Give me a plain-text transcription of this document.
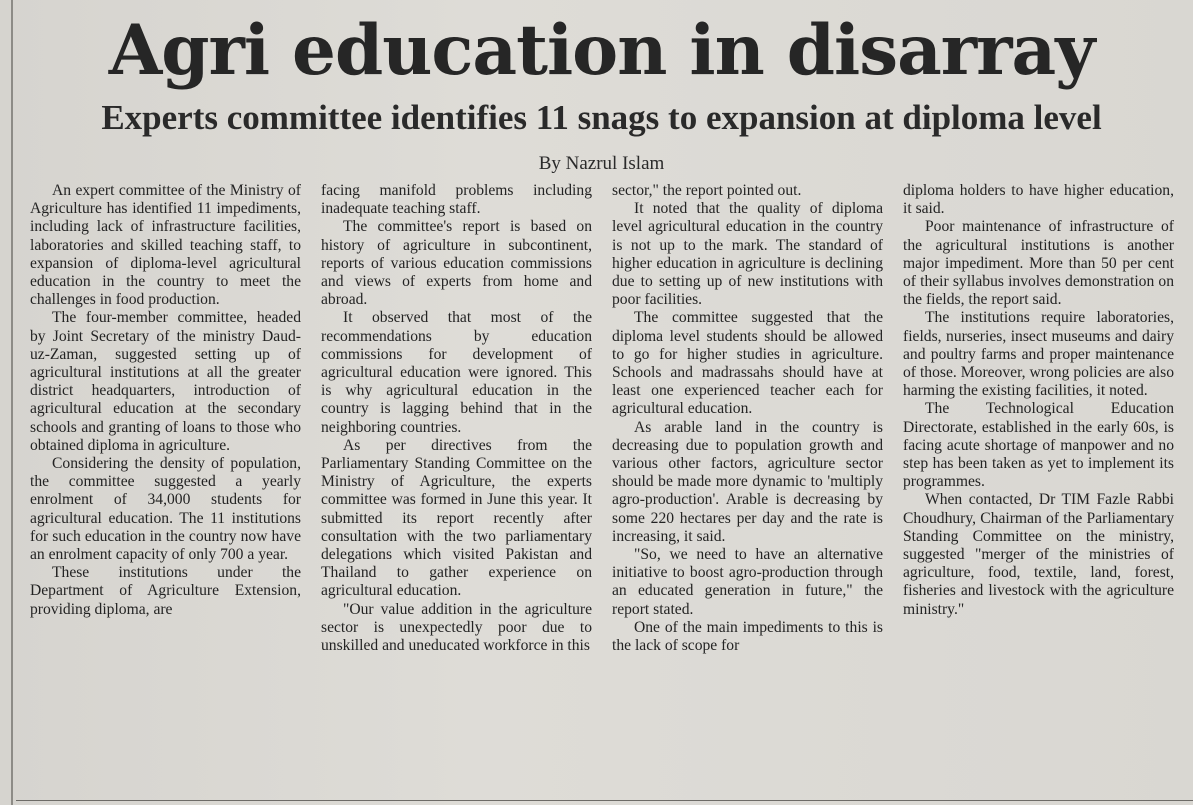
Agri education in disarray
Experts committee identifies 11 snags to expansion at diploma level
By Nazrul Islam

An expert committee of the Ministry of Agriculture has identified 11 impediments, including lack of infrastructure facilities, laboratories and skilled teaching staff, to expansion of diploma-level agricultural education in the country to meet the challenges in food production.

The four-member committee, headed by Joint Secretary of the ministry Daud-uz-Zaman, suggested setting up of agricultural institutions at all the greater district headquarters, introduction of agricultural education at the secondary schools and granting of loans to those who obtained diploma in agriculture.

Considering the density of population, the committee suggested a yearly enrolment of 34,000 students for agricultural education. The 11 institutions for such education in the country now have an enrolment capacity of only 700 a year.

These institutions under the Department of Agriculture Extension, providing diploma, are

facing manifold problems including inadequate teaching staff.

The committee's report is based on history of agriculture in subcontinent, reports of various education commissions and views of experts from home and abroad.

It observed that most of the recommendations by education commissions for development of agricultural education were ignored. This is why agricultural education in the country is lagging behind that in the neighboring countries.

As per directives from the Parliamentary Standing Committee on the Ministry of Agriculture, the experts committee was formed in June this year. It submitted its report recently after consultation with the two parliamentary delegations which visited Pakistan and Thailand to gather experience on agricultural education.

"Our value addition in the agriculture sector is unexpectedly poor due to unskilled and uneducated workforce in this

sector," the report pointed out.

It noted that the quality of diploma level agricultural education in the country is not up to the mark. The standard of higher education in agriculture is declining due to setting up of new institutions with poor facilities.

The committee suggested that the diploma level students should be allowed to go for higher studies in agriculture. Schools and madrassahs should have at least one experienced teacher each for agricultural education.

As arable land in the country is decreasing due to population growth and various other factors, agriculture sector should be made more dynamic to 'multiply agro-production'. Arable is decreasing by some 220 hectares per day and the rate is increasing, it said.

"So, we need to have an alternative initiative to boost agro-production through an educated generation in future," the report stated.

One of the main impediments to this is the lack of scope for

diploma holders to have higher education, it said.

Poor maintenance of infrastructure of the agricultural institutions is another major impediment. More than 50 per cent of their syllabus involves demonstration on the fields, the report said.

The institutions require laboratories, fields, nurseries, insect museums and dairy and poultry farms and proper maintenance of those. Moreover, wrong policies are also harming the existing facilities, it noted.

The Technological Education Directorate, established in the early 60s, is facing acute shortage of manpower and no step has been taken as yet to implement its programmes.

When contacted, Dr TIM Fazle Rabbi Choudhury, Chairman of the Parliamentary Standing Committee on the ministry, suggested "merger of the ministries of agriculture, food, textile, land, forest, fisheries and livestock with the agriculture ministry."
